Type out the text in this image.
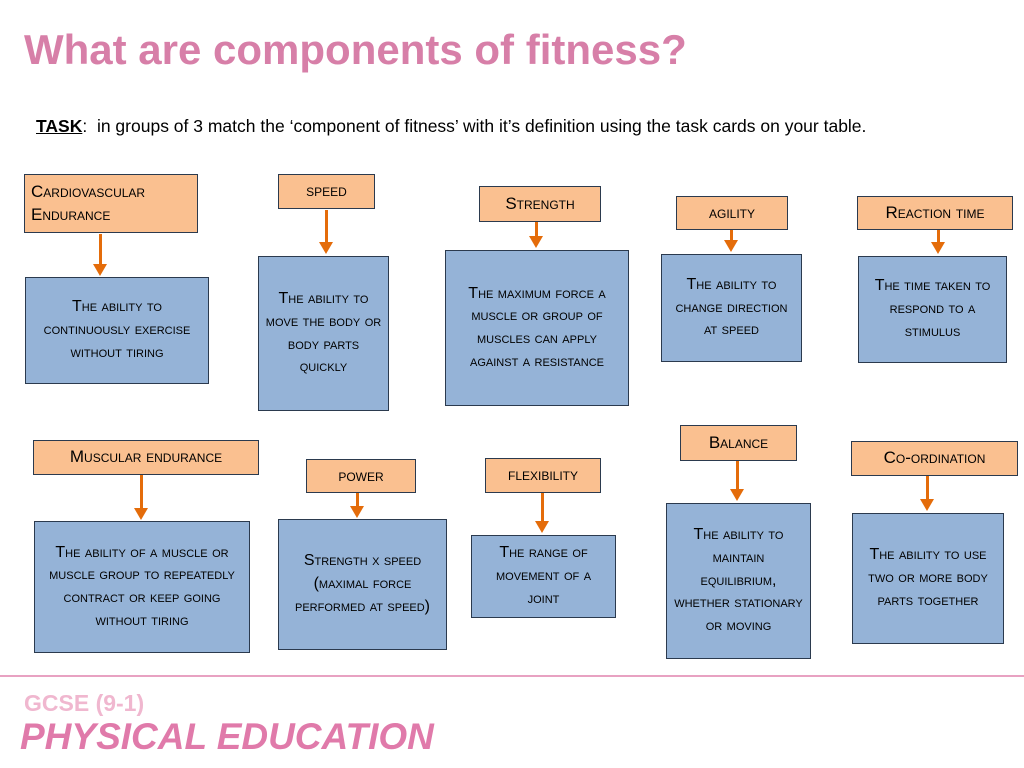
What are components of fitness?
TASK: in groups of 3 match the ‘component of fitness’ with it’s definition using the task cards on your table.
Cardiovascular Endurance
The ability to continuously exercise without tiring
speed
The ability to move the body or body parts quickly
Strength
The maximum force a muscle or group of muscles can apply against a resistance
agility
The ability to change direction at speed
Reaction time
The time taken to respond to a stimulus
Muscular endurance
The ability of a muscle or muscle group to repeatedly contract or keep going without tiring
power
Strength x speed (maximal force performed at speed)
flexibility
The range of movement of a joint
Balance
The ability to maintain equilibrium, whether stationary or moving
Co-ordination
The ability to use two or more body parts together
GCSE (9-1)
PHYSICAL EDUCATION
